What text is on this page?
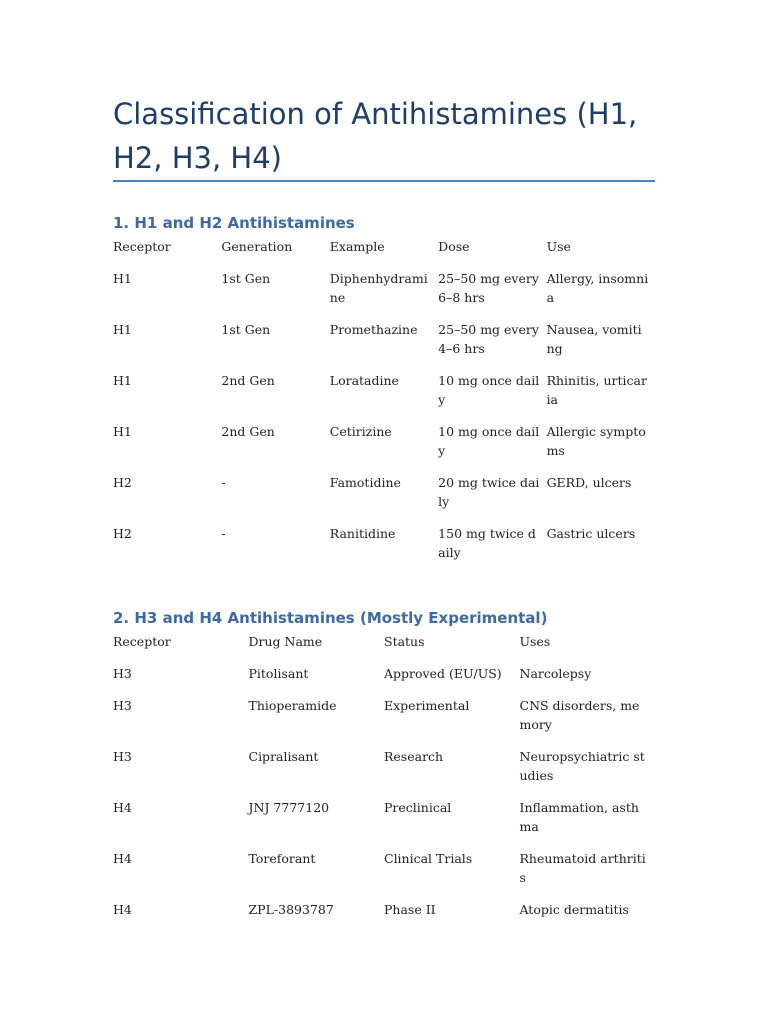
Classification of Antihistamines (H1, H2, H3, H4)
1. H1 and H2 Antihistamines
Receptor	Generation	Example	Dose	Use
H1	1st Gen	Diphenhydramine	25–50 mg every 6–8 hrs	Allergy, insomnia
H1	1st Gen	Promethazine	25–50 mg every 4–6 hrs	Nausea, vomiting
H1	2nd Gen	Loratadine	10 mg once daily	Rhinitis, urticaria
H1	2nd Gen	Cetirizine	10 mg once daily	Allergic symptoms
H2	-	Famotidine	20 mg twice daily	GERD, ulcers
H2	-	Ranitidine	150 mg twice daily	Gastric ulcers
2. H3 and H4 Antihistamines (Mostly Experimental)
Receptor	Drug Name	Status	Uses
H3	Pitolisant	Approved (EU/US)	Narcolepsy
H3	Thioperamide	Experimental	CNS disorders, memory
H3	Cipralisant	Research	Neuropsychiatric studies
H4	JNJ 7777120	Preclinical	Inflammation, asthma
H4	Toreforant	Clinical Trials	Rheumatoid arthritis
H4	ZPL-3893787	Phase II	Atopic dermatitis
